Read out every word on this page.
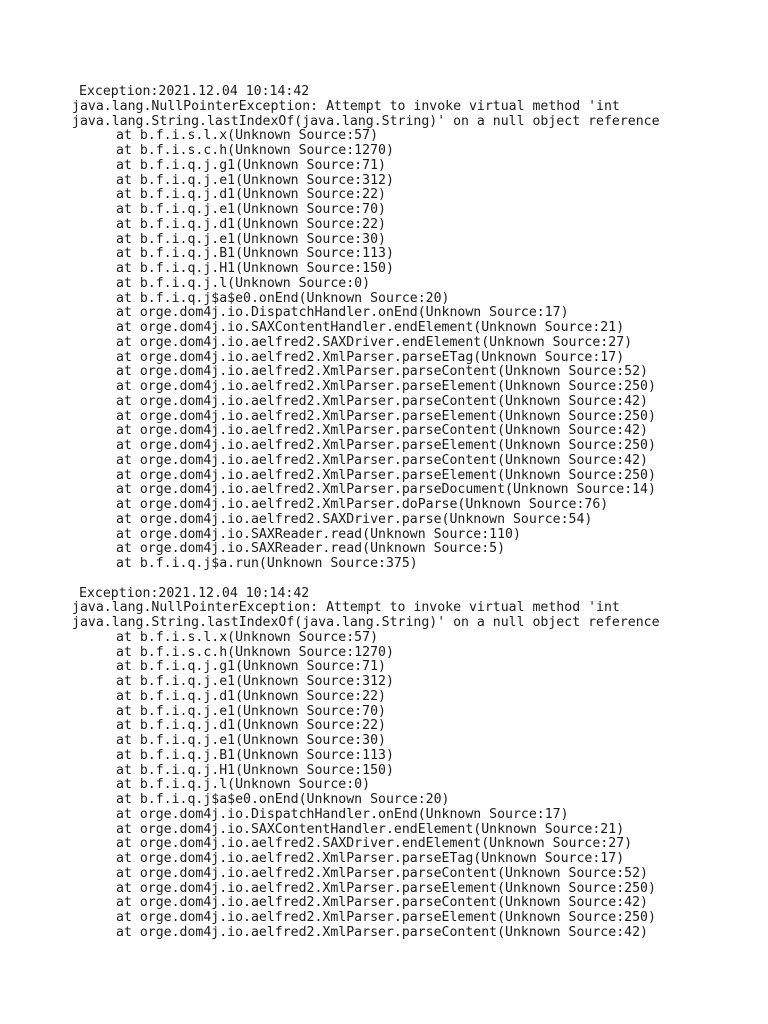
Exception:2021.12.04 10:14:42
java.lang.NullPointerException: Attempt to invoke virtual method 'int
java.lang.String.lastIndexOf(java.lang.String)' on a null object reference
at b.f.i.s.l.x(Unknown Source:57)
at b.f.i.s.c.h(Unknown Source:1270)
at b.f.i.q.j.g1(Unknown Source:71)
at b.f.i.q.j.e1(Unknown Source:312)
at b.f.i.q.j.d1(Unknown Source:22)
at b.f.i.q.j.e1(Unknown Source:70)
at b.f.i.q.j.d1(Unknown Source:22)
at b.f.i.q.j.e1(Unknown Source:30)
at b.f.i.q.j.B1(Unknown Source:113)
at b.f.i.q.j.H1(Unknown Source:150)
at b.f.i.q.j.l(Unknown Source:0)
at b.f.i.q.j$a$e0.onEnd(Unknown Source:20)
at orge.dom4j.io.DispatchHandler.onEnd(Unknown Source:17)
at orge.dom4j.io.SAXContentHandler.endElement(Unknown Source:21)
at orge.dom4j.io.aelfred2.SAXDriver.endElement(Unknown Source:27)
at orge.dom4j.io.aelfred2.XmlParser.parseETag(Unknown Source:17)
at orge.dom4j.io.aelfred2.XmlParser.parseContent(Unknown Source:52)
at orge.dom4j.io.aelfred2.XmlParser.parseElement(Unknown Source:250)
at orge.dom4j.io.aelfred2.XmlParser.parseContent(Unknown Source:42)
at orge.dom4j.io.aelfred2.XmlParser.parseElement(Unknown Source:250)
at orge.dom4j.io.aelfred2.XmlParser.parseContent(Unknown Source:42)
at orge.dom4j.io.aelfred2.XmlParser.parseElement(Unknown Source:250)
at orge.dom4j.io.aelfred2.XmlParser.parseContent(Unknown Source:42)
at orge.dom4j.io.aelfred2.XmlParser.parseElement(Unknown Source:250)
at orge.dom4j.io.aelfred2.XmlParser.parseDocument(Unknown Source:14)
at orge.dom4j.io.aelfred2.XmlParser.doParse(Unknown Source:76)
at orge.dom4j.io.aelfred2.SAXDriver.parse(Unknown Source:54)
at orge.dom4j.io.SAXReader.read(Unknown Source:110)
at orge.dom4j.io.SAXReader.read(Unknown Source:5)
at b.f.i.q.j$a.run(Unknown Source:375)
Exception:2021.12.04 10:14:42
java.lang.NullPointerException: Attempt to invoke virtual method 'int
java.lang.String.lastIndexOf(java.lang.String)' on a null object reference
at b.f.i.s.l.x(Unknown Source:57)
at b.f.i.s.c.h(Unknown Source:1270)
at b.f.i.q.j.g1(Unknown Source:71)
at b.f.i.q.j.e1(Unknown Source:312)
at b.f.i.q.j.d1(Unknown Source:22)
at b.f.i.q.j.e1(Unknown Source:70)
at b.f.i.q.j.d1(Unknown Source:22)
at b.f.i.q.j.e1(Unknown Source:30)
at b.f.i.q.j.B1(Unknown Source:113)
at b.f.i.q.j.H1(Unknown Source:150)
at b.f.i.q.j.l(Unknown Source:0)
at b.f.i.q.j$a$e0.onEnd(Unknown Source:20)
at orge.dom4j.io.DispatchHandler.onEnd(Unknown Source:17)
at orge.dom4j.io.SAXContentHandler.endElement(Unknown Source:21)
at orge.dom4j.io.aelfred2.SAXDriver.endElement(Unknown Source:27)
at orge.dom4j.io.aelfred2.XmlParser.parseETag(Unknown Source:17)
at orge.dom4j.io.aelfred2.XmlParser.parseContent(Unknown Source:52)
at orge.dom4j.io.aelfred2.XmlParser.parseElement(Unknown Source:250)
at orge.dom4j.io.aelfred2.XmlParser.parseContent(Unknown Source:42)
at orge.dom4j.io.aelfred2.XmlParser.parseElement(Unknown Source:250)
at orge.dom4j.io.aelfred2.XmlParser.parseContent(Unknown Source:42)
